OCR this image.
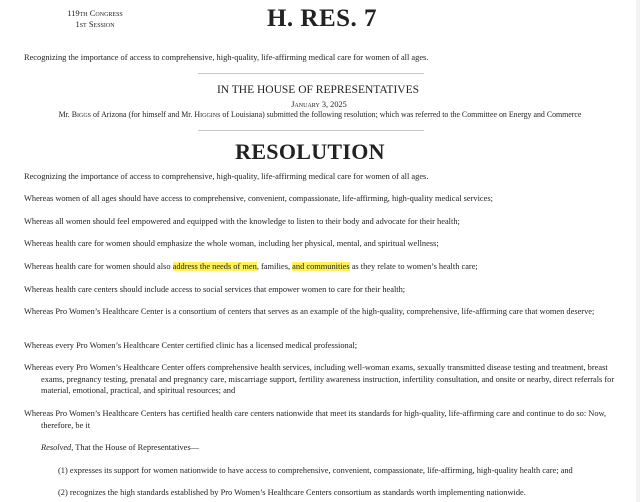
119th Congress
1st Session	H. RES. 7
Recognizing the importance of access to comprehensive, high-quality, life-affirming medical care for women of all ages.
IN THE HOUSE OF REPRESENTATIVES
January 3, 2025
Mr. Biggs of Arizona (for himself and Mr. Higgins of Louisiana) submitted the following resolution; which was referred to the Committee on Energy and Commerce
RESOLUTION
Recognizing the importance of access to comprehensive, high-quality, life-affirming medical care for women of all ages.
Whereas women of all ages should have access to comprehensive, convenient, compassionate, life-affirming, high-quality medical services;
Whereas all women should feel empowered and equipped with the knowledge to listen to their body and advocate for their health;
Whereas health care for women should emphasize the whole woman, including her physical, mental, and spiritual wellness;
Whereas health care for women should also address the needs of men, families, and communities as they relate to women’s health care;
Whereas health care centers should include access to social services that empower women to care for their health;
Whereas Pro Women’s Healthcare Center is a consortium of centers that serves as an example of the high-quality, comprehensive, life-affirming care that women deserve;
Whereas every Pro Women’s Healthcare Center certified clinic has a licensed medical professional;
Whereas every Pro Women’s Healthcare Center offers comprehensive health services, including well-woman exams, sexually transmitted disease testing and treatment, breast exams, pregnancy testing, prenatal and pregnancy care, miscarriage support, fertility awareness instruction, infertility consultation, and onsite or nearby, direct referrals for material, emotional, practical, and spiritual resources; and
Whereas Pro Women’s Healthcare Centers has certified health care centers nationwide that meet its standards for high-quality, life-affirming care and continue to do so: Now, therefore, be it
Resolved, That the House of Representatives—
(1) expresses its support for women nationwide to have access to comprehensive, convenient, compassionate, life-affirming, high-quality health care; and
(2) recognizes the high standards established by Pro Women’s Healthcare Centers consortium as standards worth implementing nationwide.
